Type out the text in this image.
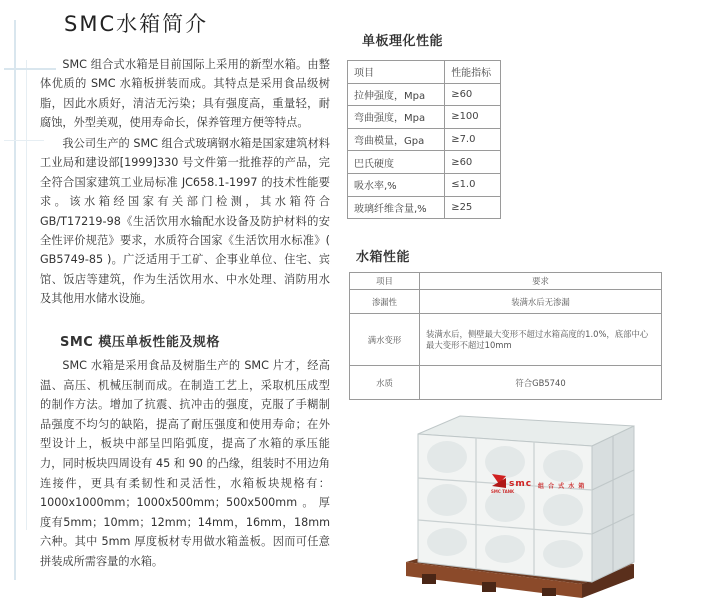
SMC水箱简介

SMC 组合式水箱是目前国际上采用的新型水箱。由整体优质的 SMC 水箱板拼装而成。其特点是采用食品级树脂，因此水质好，清洁无污染；具有强度高，重量轻，耐腐蚀，外型美观，使用寿命长，保养管理方便等特点。

我公司生产的 SMC 组合式玻璃钢水箱是国家建筑材料工业局和建设部[1999]330 号文件第一批推荐的产品，完全符合国家建筑工业局标准 JC658.1-1997 的技术性能要求。该水箱经国家有关部门检测，其水箱符合 GB/T17219-98《生活饮用水输配水设备及防护材料的安全性评价规范》要求，水质符合国家《生活饮用水标准》( GB5749-85 )。广泛适用于工矿、企事业单位、住宅、宾馆、饭店等建筑，作为生活饮用水、中水处理、消防用水及其他用水储水设施。

SMC 模压单板性能及规格

SMC 水箱是采用食品及树脂生产的 SMC 片才，经高温、高压、机械压制而成。在制造工艺上，采取机压成型的制作方法。增加了抗震、抗冲击的强度，克服了手糊制品强度不均匀的缺陷，提高了耐压强度和使用寿命；在外型设计上，板块中部呈凹陷弧度，提高了水箱的承压能力，同时板块四周设有 45 和 90 的凸缘，组装时不用边角连接件，更具有柔韧性和灵活性，水箱板块规格有：1000x1000mm；1000x500mm；500x500mm。厚度有5mm；10mm；12mm；14mm，16mm，18mm 六种。其中 5mm 厚度板材专用做水箱盖板。因而可任意拼装成所需容量的水箱。

单板理化性能
项目	性能指标
拉伸强度，Mpa	≥60
弯曲强度，Mpa	≥100
弯曲模量，Gpa	≥7.0
巴氏硬度	≥60
吸水率,%	≤1.0
玻璃纤维含量,%	≥25
水箱性能
项目	要求
渗漏性	装满水后无渗漏
满水变形	装满水后，侧壁最大变形不超过水箱高度的1.0%，底部中心最大变形不超过10mm
水质	符合GB5740
smc 组 合 式 水 箱
SMC TANK
